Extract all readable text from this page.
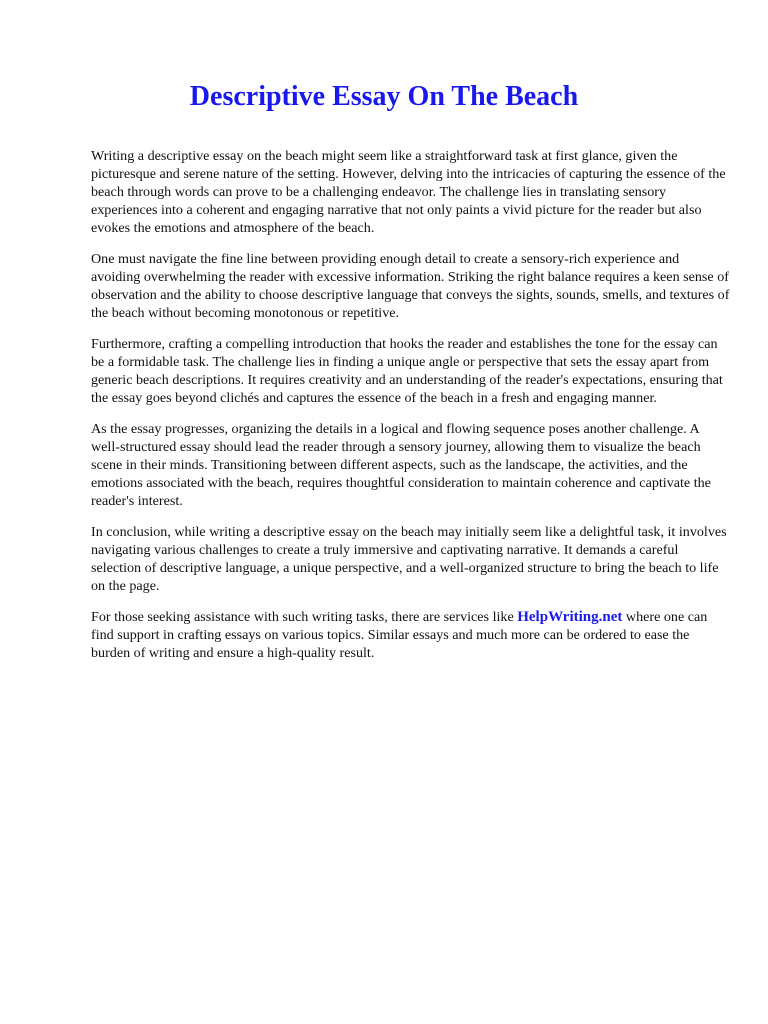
Descriptive Essay On The Beach

Writing a descriptive essay on the beach might seem like a straightforward task at first glance, given the picturesque and serene nature of the setting. However, delving into the intricacies of capturing the essence of the beach through words can prove to be a challenging endeavor. The challenge lies in translating sensory experiences into a coherent and engaging narrative that not only paints a vivid picture for the reader but also evokes the emotions and atmosphere of the beach.

One must navigate the fine line between providing enough detail to create a sensory-rich experience and avoiding overwhelming the reader with excessive information. Striking the right balance requires a keen sense of observation and the ability to choose descriptive language that conveys the sights, sounds, smells, and textures of the beach without becoming monotonous or repetitive.

Furthermore, crafting a compelling introduction that hooks the reader and establishes the tone for the essay can be a formidable task. The challenge lies in finding a unique angle or perspective that sets the essay apart from generic beach descriptions. It requires creativity and an understanding of the reader's expectations, ensuring that the essay goes beyond clichés and captures the essence of the beach in a fresh and engaging manner.

As the essay progresses, organizing the details in a logical and flowing sequence poses another challenge. A well-structured essay should lead the reader through a sensory journey, allowing them to visualize the beach scene in their minds. Transitioning between different aspects, such as the landscape, the activities, and the emotions associated with the beach, requires thoughtful consideration to maintain coherence and captivate the reader's interest.

In conclusion, while writing a descriptive essay on the beach may initially seem like a delightful task, it involves navigating various challenges to create a truly immersive and captivating narrative. It demands a careful selection of descriptive language, a unique perspective, and a well-organized structure to bring the beach to life on the page.

For those seeking assistance with such writing tasks, there are services like HelpWriting.net where one can find support in crafting essays on various topics. Similar essays and much more can be ordered to ease the burden of writing and ensure a high-quality result.
